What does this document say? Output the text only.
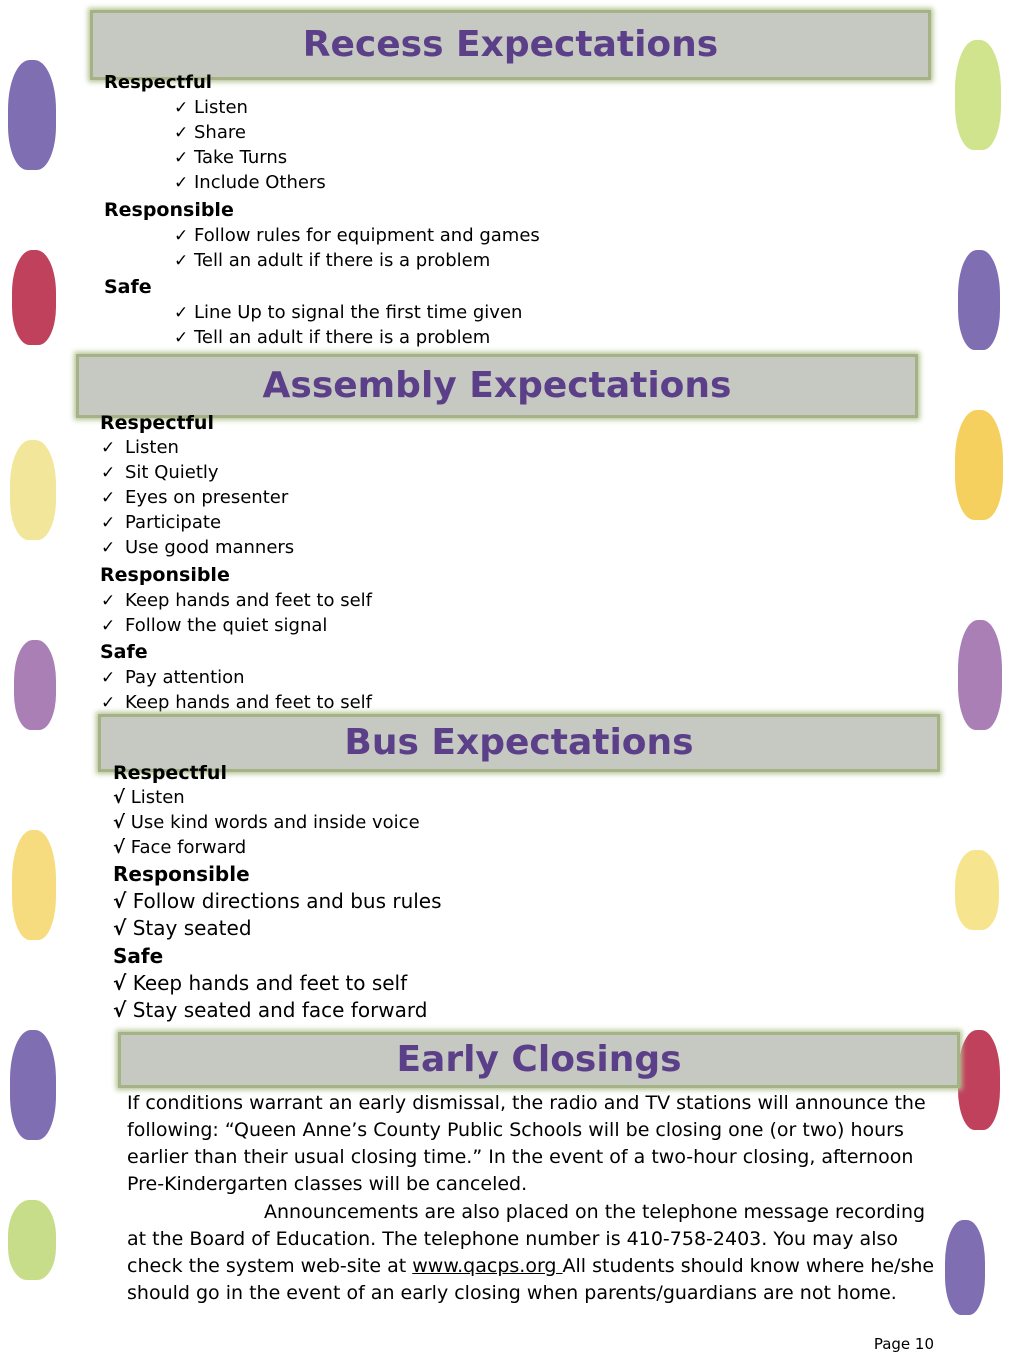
Recess Expectations
Respectful
✓ Listen
✓ Share
✓ Take Turns
✓ Include Others
Responsible
✓ Follow rules for equipment and games
✓ Tell an adult if there is a problem
Safe
✓ Line Up to signal the first time given
✓ Tell an adult if there is a problem
Assembly Expectations
Respectful
✓ Listen
✓ Sit Quietly
✓ Eyes on presenter
✓ Participate
✓ Use good manners
Responsible
✓ Keep hands and feet to self
✓ Follow the quiet signal
Safe
✓ Pay attention
✓ Keep hands and feet to self
Bus Expectations
Respectful
√ Listen
√ Use kind words and inside voice
√ Face forward
Responsible
√ Follow directions and bus rules
√ Stay seated
Safe
√ Keep hands and feet to self
√ Stay seated and face forward
Early Closings
If conditions warrant an early dismissal, the radio and TV stations will announce the following: “Queen Anne’s County Public Schools will be closing one (or two) hours earlier than their usual closing time.” In the event of a two-hour closing, afternoon Pre-Kindergarten classes will be canceled.
Announcements are also placed on the telephone message recording at the Board of Education. The telephone number is 410-758-2403. You may also check the system web-site at www.qacps.org All students should know where he/she should go in the event of an early closing when parents/guardians are not home.
Page 10
